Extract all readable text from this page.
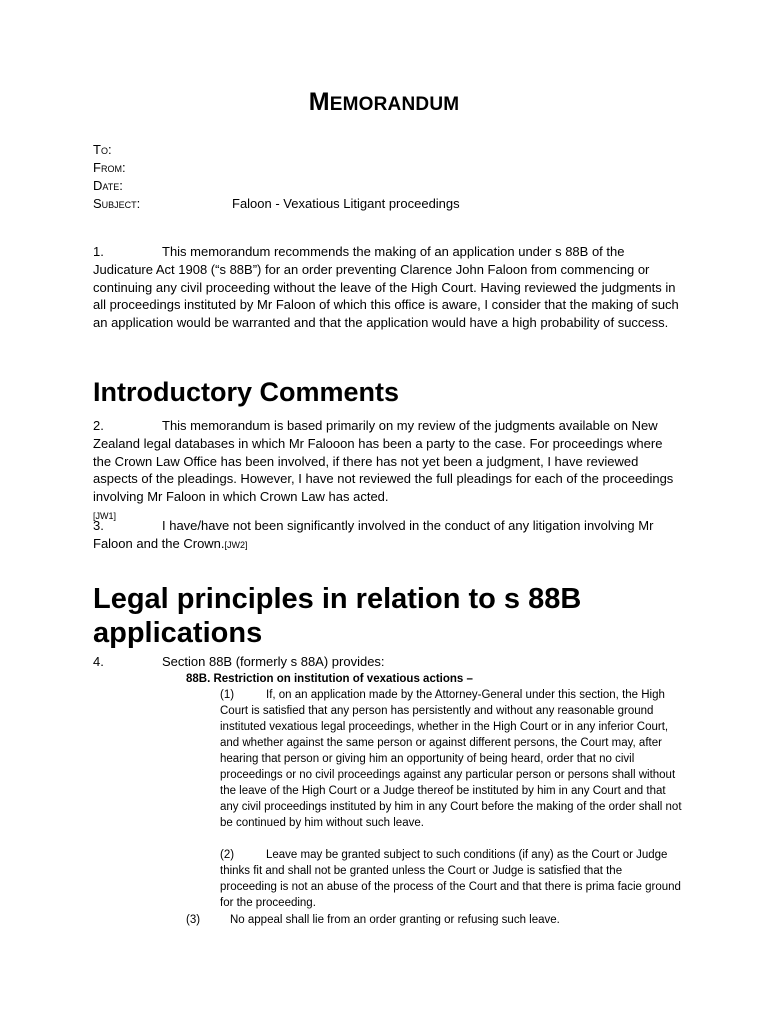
MEMORANDUM
To:
From:
Date:
Subject:	Faloon - Vexatious Litigant proceedings
1.	This memorandum recommends the making of an application under s 88B of the Judicature Act 1908 (“s 88B”) for an order preventing Clarence John Faloon from commencing or continuing any civil proceeding without the leave of the High Court. Having reviewed the judgments in all proceedings instituted by Mr Faloon of which this office is aware, I consider that the making of such an application would be warranted and that the application would have a high probability of success.
Introductory Comments
2.	This memorandum is based primarily on my review of the judgments available on New Zealand legal databases in which Mr Falooon has been a party to the case. For proceedings where the Crown Law Office has been involved, if there has not yet been a judgment, I have reviewed aspects of the pleadings. However, I have not reviewed the full pleadings for each of the proceedings involving Mr Faloon in which Crown Law has acted.
[JW1]
3.	I have/have not been significantly involved in the conduct of any litigation involving Mr Faloon and the Crown.[JW2]
Legal principles in relation to s 88B applications
4.	Section 88B (formerly s 88A) provides:
88B. Restriction on institution of vexatious actions –
(1)	If, on an application made by the Attorney-General under this section, the High Court is satisfied that any person has persistently and without any reasonable ground instituted vexatious legal proceedings, whether in the High Court or in any inferior Court, and whether against the same person or against different persons, the Court may, after hearing that person or giving him an opportunity of being heard, order that no civil proceedings or no civil proceedings against any particular person or persons shall without the leave of the High Court or a Judge thereof be instituted by him in any Court and that any civil proceedings instituted by him in any Court before the making of the order shall not be continued by him without such leave.
(2)	Leave may be granted subject to such conditions (if any) as the Court or Judge thinks fit and shall not be granted unless the Court or Judge is satisfied that the proceeding is not an abuse of the process of the Court and that there is prima facie ground for the proceeding.
(3)	No appeal shall lie from an order granting or refusing such leave.
